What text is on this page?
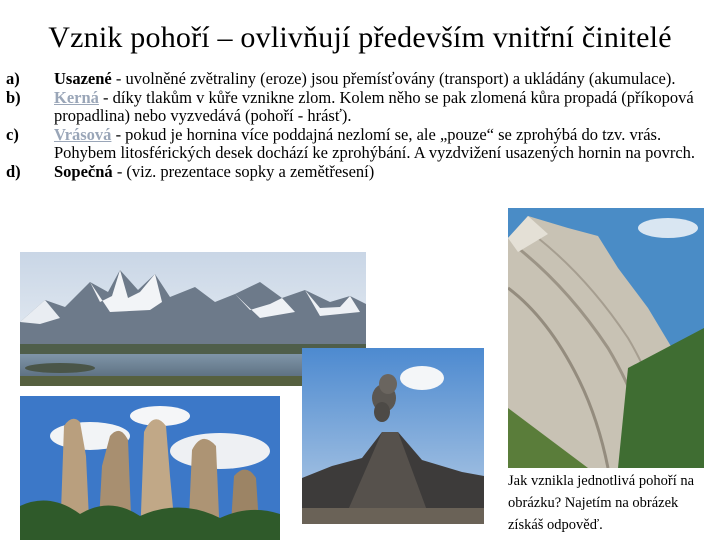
Vznik pohoří – ovlivňují především vnitřní činitelé
a)	Usazené - uvolněné zvětraliny (eroze) jsou přemísťovány (transport) a ukládány (akumulace).
b)	Kerná - díky tlakům v kůře vznikne zlom. Kolem něho se pak zlomená kůra propadá (příkopová propadlina) nebo vyzvedává (pohoří - hrásť).
c)	Vrásová - pokud je hornina více poddajná nezlomí se, ale „pouze“ se zprohýbá do tzv. vrás. Pohybem litosférických desek dochází ke zprohýbání. A vyzdvižení usazených hornin na povrch.
d)	Sopečná - (viz. prezentace sopky a zemětřesení)
Jak vznikla jednotlivá pohoří na obrázku? Najetím na obrázek získáš odpověď.
